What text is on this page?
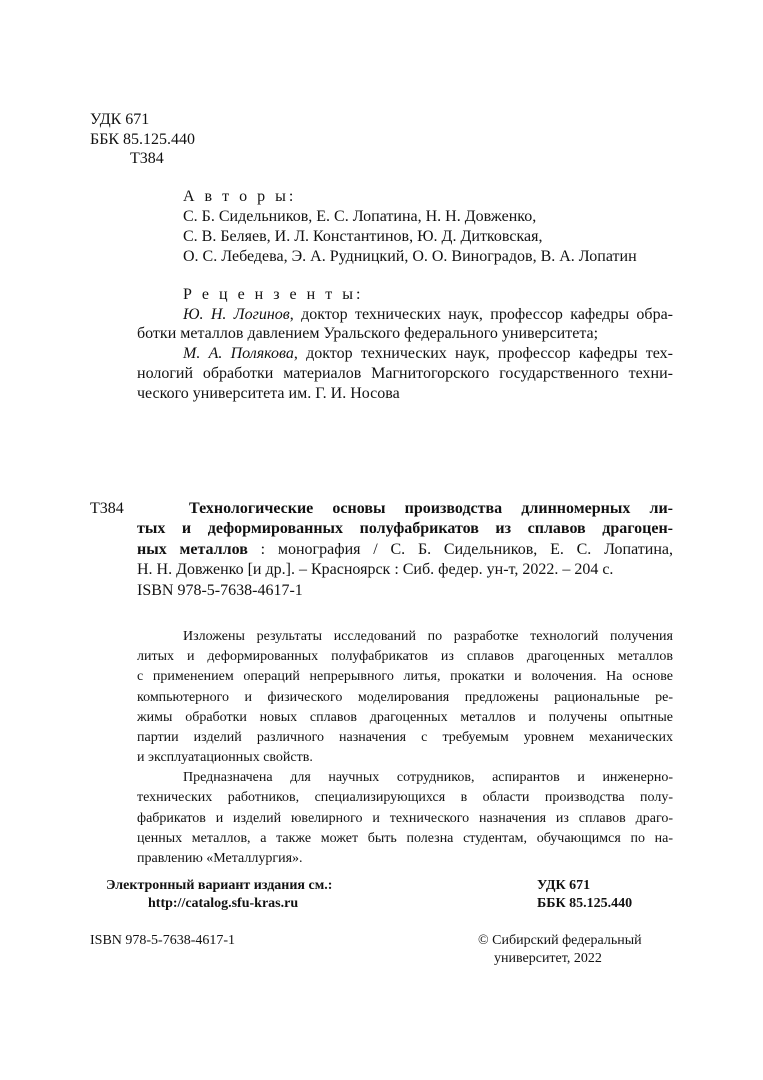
УДК 671
ББК 85.125.440
Т384
А в т о р ы:
С. Б. Сидельников, Е. С. Лопатина, Н. Н. Довженко,
С. В. Беляев, И. Л. Константинов, Ю. Д. Дитковская,
О. С. Лебедева, Э. А. Рудницкий, О. О. Виноградов, В. А. Лопатин
Р е ц е н з е н т ы:
Ю. Н. Логинов, доктор технических наук, профессор кафедры обра-
ботки металлов давлением Уральского федерального университета;
М. А. Полякова, доктор технических наук, профессор кафедры тех-
нологий обработки материалов Магнитогорского государственного техни-
ческого университета им. Г. И. Носова
Т384	Технологические основы производства длинномерных ли-
тых и деформированных полуфабрикатов из сплавов драгоцен-
ных металлов : монография / С. Б. Сидельников, Е. С. Лопатина,
Н. Н. Довженко [и др.]. – Красноярск : Сиб. федер. ун-т, 2022. – 204 с.
ISBN 978-5-7638-4617-1
Изложены результаты исследований по разработке технологий получения
литых и деформированных полуфабрикатов из сплавов драгоценных металлов
с применением операций непрерывного литья, прокатки и волочения. На основе
компьютерного и физического моделирования предложены рациональные ре-
жимы обработки новых сплавов драгоценных металлов и получены опытные
партии изделий различного назначения с требуемым уровнем механических
и эксплуатационных свойств.
Предназначена для научных сотрудников, аспирантов и инженерно-
технических работников, специализирующихся в области производства полу-
фабрикатов и изделий ювелирного и технического назначения из сплавов драго-
ценных металлов, а также может быть полезна студентам, обучающимся по на-
правлению «Металлургия».
Электронный вариант издания см.:
http://catalog.sfu-kras.ru
УДК 671
ББК 85.125.440
ISBN 978-5-7638-4617-1	© Сибирский федеральный
университет, 2022
